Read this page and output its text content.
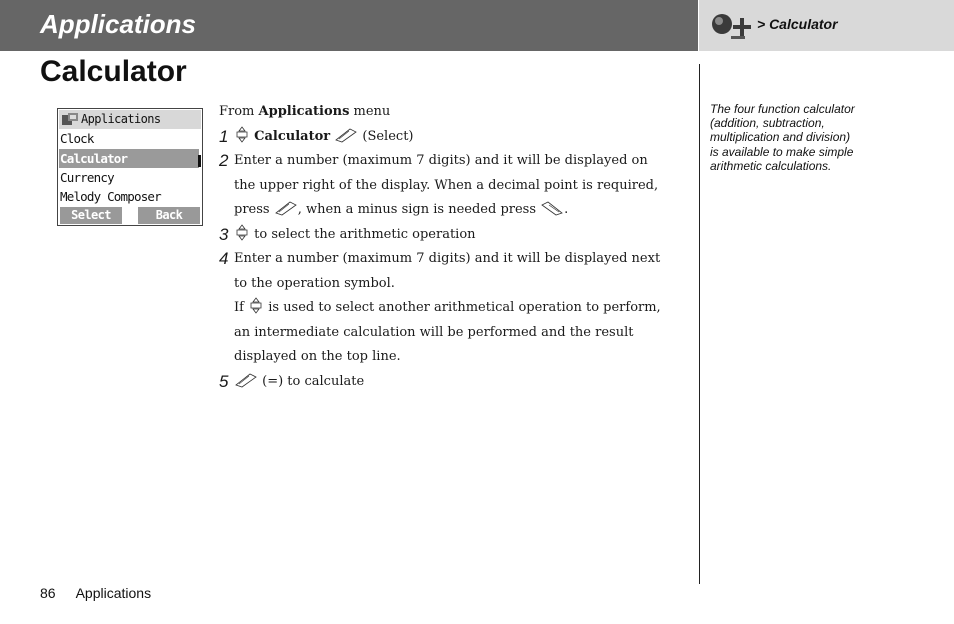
Applications	> Calculator
Calculator
Applications
Clock
Calculator
Currency
Melody Composer
Select	Back

From Applications menu

1 Calculator (Select)

2 Enter a number (maximum 7 digits) and it will be displayed on
the upper right of the display. When a decimal point is required,
press , when a minus sign is needed press .

3 to select the arithmetic operation

4 Enter a number (maximum 7 digits) and it will be displayed next
to the operation symbol.
If  is used to select another arithmetical operation to perform,
an intermediate calculation will be performed and the result
displayed on the top line.

5	(=) to calculate

The four function calculator
(addition, subtraction,
multiplication and division)
is available to make simple
arithmetic calculations.
86 Applications
